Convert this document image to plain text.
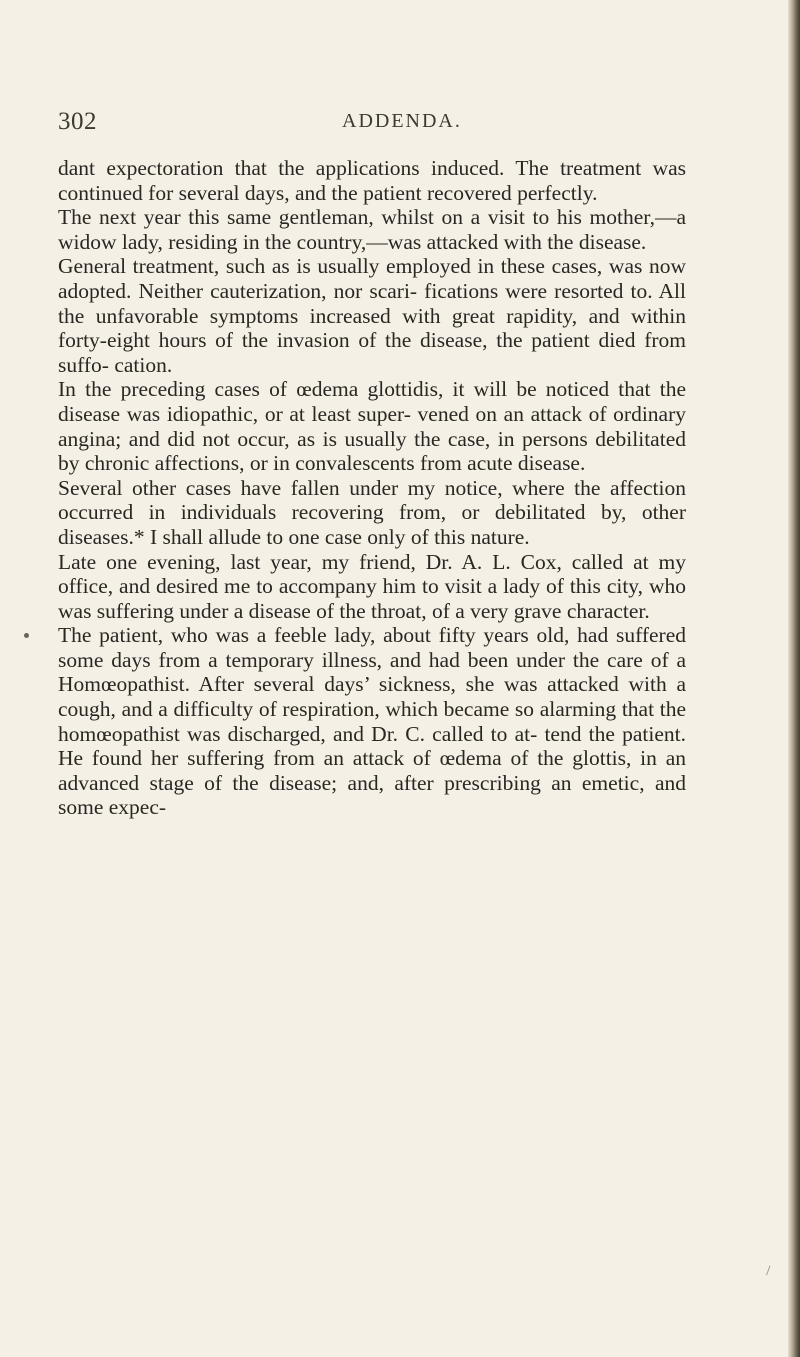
302	ADDENDA.

dant expectoration that the applications induced. The treatment was continued for several days, and the patient recovered perfectly.

The next year this same gentleman, whilst on a visit to his mother,—a widow lady, residing in the country,—was attacked with the disease.

General treatment, such as is usually employed in these cases, was now adopted. Neither cauterization, nor scari- fications were resorted to. All the unfavorable symptoms increased with great rapidity, and within forty-eight hours of the invasion of the disease, the patient died from suffo- cation.

In the preceding cases of œdema glottidis, it will be noticed that the disease was idiopathic, or at least super- vened on an attack of ordinary angina; and did not occur, as is usually the case, in persons debilitated by chronic affections, or in convalescents from acute disease.

Several other cases have fallen under my notice, where the affection occurred in individuals recovering from, or debilitated by, other diseases.* I shall allude to one case only of this nature.

Late one evening, last year, my friend, Dr. A. L. Cox, called at my office, and desired me to accompany him to visit a lady of this city, who was suffering under a disease of the throat, of a very grave character.

The patient, who was a feeble lady, about fifty years old, had suffered some days from a temporary illness, and had been under the care of a Homœopathist. After several days’ sickness, she was attacked with a cough, and a difficulty of respiration, which became so alarming that the homœopathist was discharged, and Dr. C. called to at- tend the patient. He found her suffering from an attack of œdema of the glottis, in an advanced stage of the disease; and, after prescribing an emetic, and some expec-
